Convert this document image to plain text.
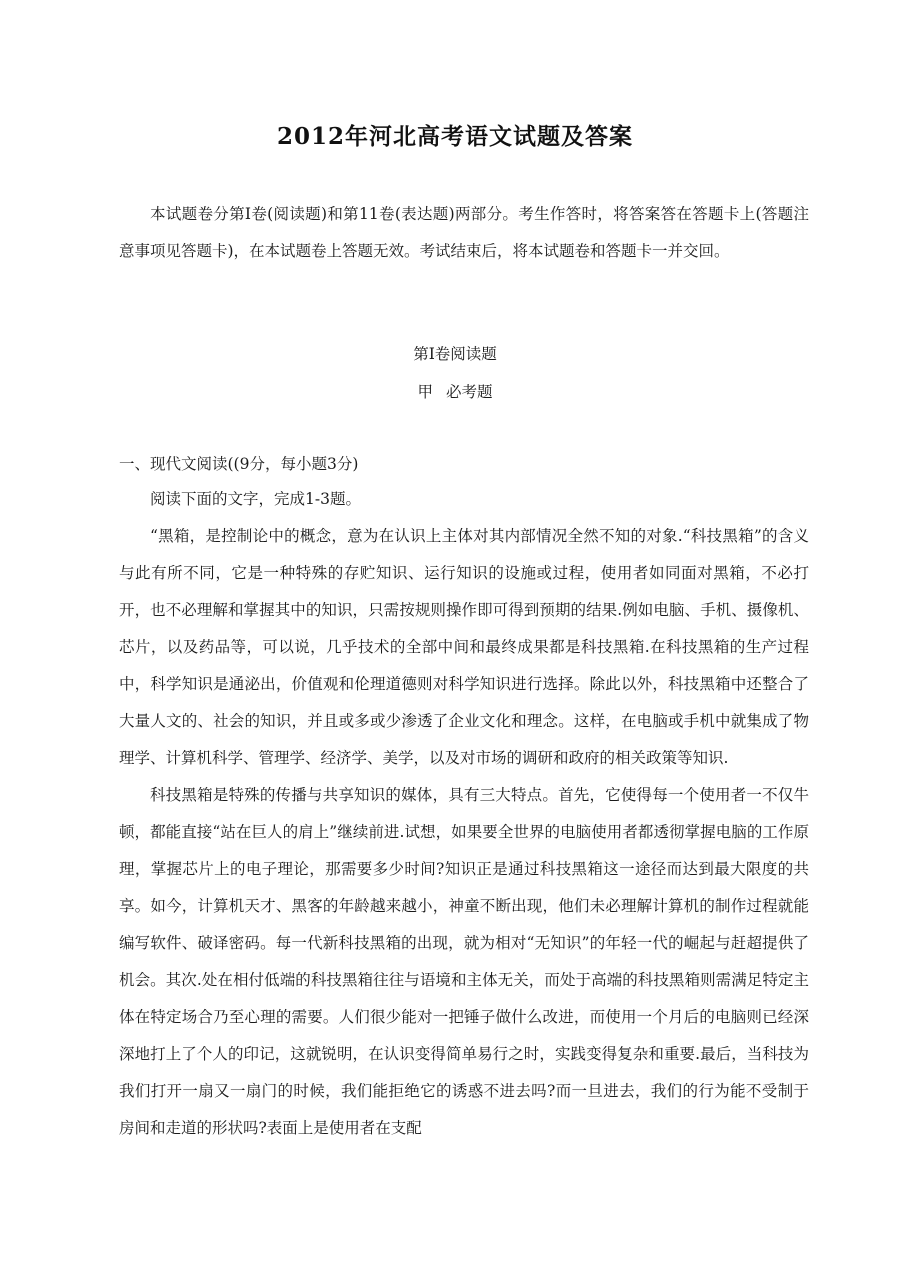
2012年河北高考语文试题及答案

本试题卷分第Ⅰ卷(阅读题)和第11卷(表达题)两部分。考生作答时，将答案答在答题卡上(答题注意事项见答题卡)，在本试题卷上答题无效。考试结束后，将本试题卷和答题卡一并交回。

第Ⅰ卷阅读题
甲 必考题
一、现代文阅读((9分，每小题3分)

阅读下面的文字，完成1-3题。

“黑箱，是控制论中的概念，意为在认识上主体对其内部情况全然不知的对象.“科技黑箱”的含义与此有所不同，它是一种特殊的存贮知识、运行知识的设施或过程，使用者如同面对黑箱，不必打开，也不必理解和掌握其中的知识，只需按规则操作即可得到预期的结果.例如电脑、手机、摄像机、芯片，以及药品等，可以说，几乎技术的全部中间和最终成果都是科技黑箱.在科技黑箱的生产过程中，科学知识是通泌出，价值观和伦理道德则对科学知识进行选择。除此以外，科技黑箱中还整合了大量人文的、社会的知识，并且或多或少渗透了企业文化和理念。这样，在电脑或手机中就集成了物理学、计算机科学、管理学、经济学、美学，以及对市场的调研和政府的相关政策等知识.

科技黑箱是特殊的传播与共享知识的媒体，具有三大特点。首先，它使得每一个使用者一不仅牛顿，都能直接“站在巨人的肩上”继续前进.试想，如果要全世界的电脑使用者都透彻掌握电脑的工作原理，掌握芯片上的电子理论，那需要多少时间?知识正是通过科技黑箱这一途径而达到最大限度的共享。如今，计算机天才、黑客的年龄越来越小，神童不断出现，他们未必理解计算机的制作过程就能编写软件、破译密码。每一代新科技黑箱的出现，就为相对“无知识”的年轻一代的崛起与赶超提供了机会。其次.处在相付低端的科技黑箱往往与语境和主体无关，而处于高端的科技黑箱则需满足特定主体在特定场合乃至心理的需要。人们很少能对一把锤子做什么改进，而使用一个月后的电脑则已经深深地打上了个人的印记，这就锐明，在认识变得简单易行之时，实践变得复杂和重要.最后，当科技为我们打开一扇又一扇门的时候，我们能拒绝它的诱惑不进去吗?而一旦进去，我们的行为能不受制于房间和走道的形状吗?表面上是使用者在支配
